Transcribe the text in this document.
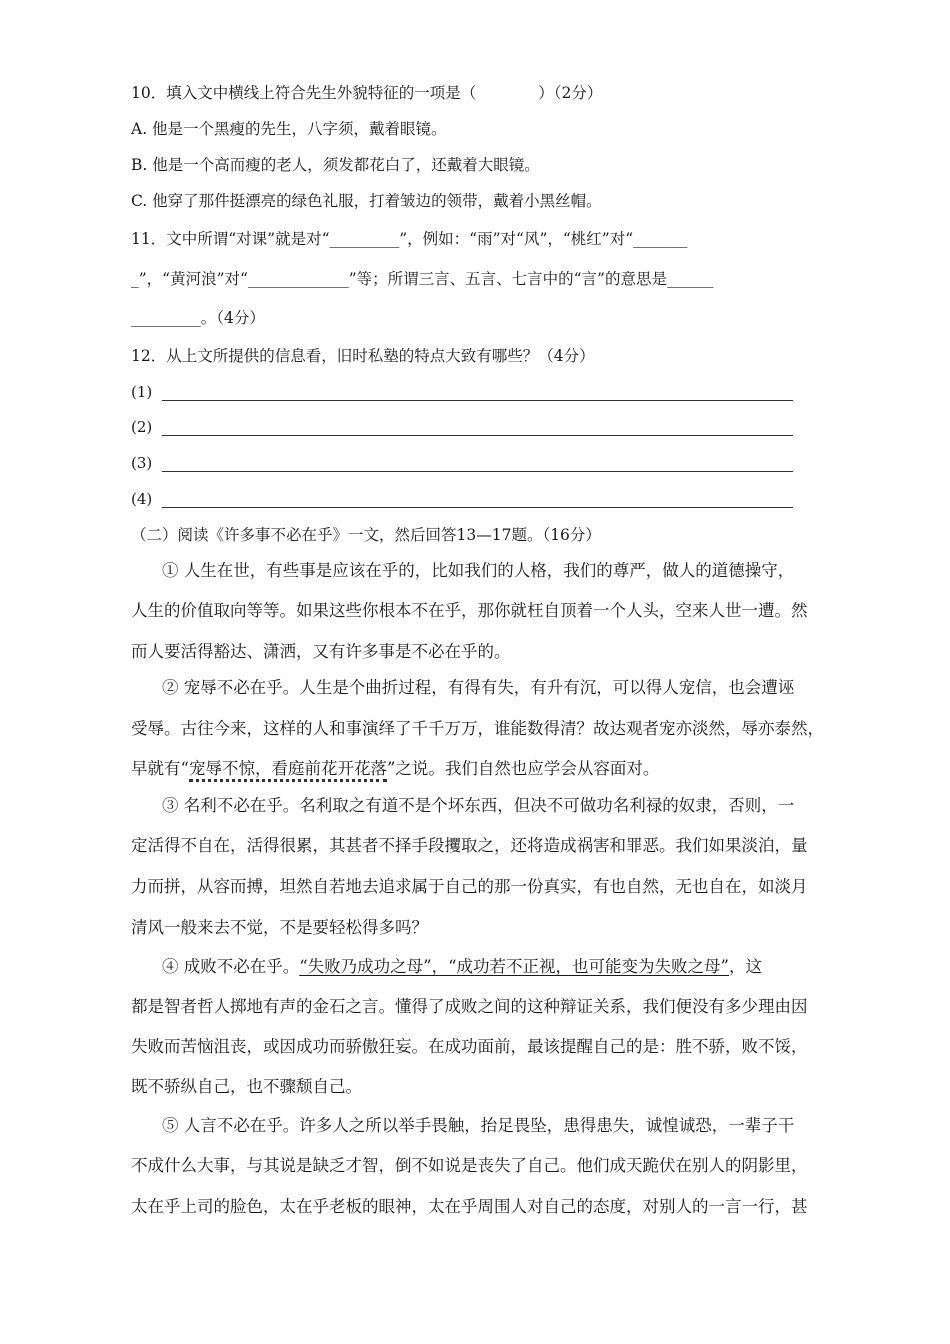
10．填入文中横线上符合先生外貌特征的一项是（　　　　）（2分）
A. 他是一个黑瘦的先生，八字须，戴着眼镜。
B. 他是一个高而瘦的老人，须发都花白了，还戴着大眼镜。
C. 他穿了那件挺漂亮的绿色礼服，打着皱边的领带，戴着小黑丝帽。
11．文中所谓“对课”就是对“_________”，例如：“雨”对“风”，“桃红”对“_______
_”，“黄河浪”对“_____________”等；所谓三言、五言、七言中的“言”的意思是______
_________。（4分）
12．从上文所提供的信息看，旧时私塾的特点大致有哪些？（4分）
(1)
(2)
(3)
(4)
（二）阅读《许多事不必在乎》一文，然后回答13—17题。（16分）
① 人生在世，有些事是应该在乎的，比如我们的人格，我们的尊严，做人的道德操守，
人生的价值取向等等。如果这些你根本不在乎，那你就枉自顶着一个人头，空来人世一遭。然
而人要活得豁达、潇洒，又有许多事是不必在乎的。
② 宠辱不必在乎。人生是个曲折过程，有得有失，有升有沉，可以得人宠信，也会遭诬
受辱。古往今来，这样的人和事演绎了千千万万，谁能数得清？故达观者宠亦淡然，辱亦泰然，
早就有“宠辱不惊，看庭前花开花落”之说。我们自然也应学会从容面对。
③ 名利不必在乎。名利取之有道不是个坏东西，但决不可做功名利禄的奴隶，否则，一
定活得不自在，活得很累，其甚者不择手段攫取之，还将造成祸害和罪恶。我们如果淡泊，量
力而拼，从容而搏，坦然自若地去追求属于自己的那一份真实，有也自然，无也自在，如淡月
清风一般来去不觉，不是要轻松得多吗？
④ 成败不必在乎。“失败乃成功之母”，“成功若不正视，也可能变为失败之母”，这
都是智者哲人掷地有声的金石之言。懂得了成败之间的这种辩证关系，我们便没有多少理由因
失败而苦恼沮丧，或因成功而骄傲狂妄。在成功面前，最该提醒自己的是：胜不骄，败不馁，
既不骄纵自己，也不骤颓自己。
⑤ 人言不必在乎。许多人之所以举手畏触，抬足畏坠，患得患失，诚惶诚恐，一辈子干
不成什么大事，与其说是缺乏才智，倒不如说是丧失了自己。他们成天跪伏在别人的阴影里，
太在乎上司的脸色，太在乎老板的眼神，太在乎周围人对自己的态度，对别人的一言一行，甚
